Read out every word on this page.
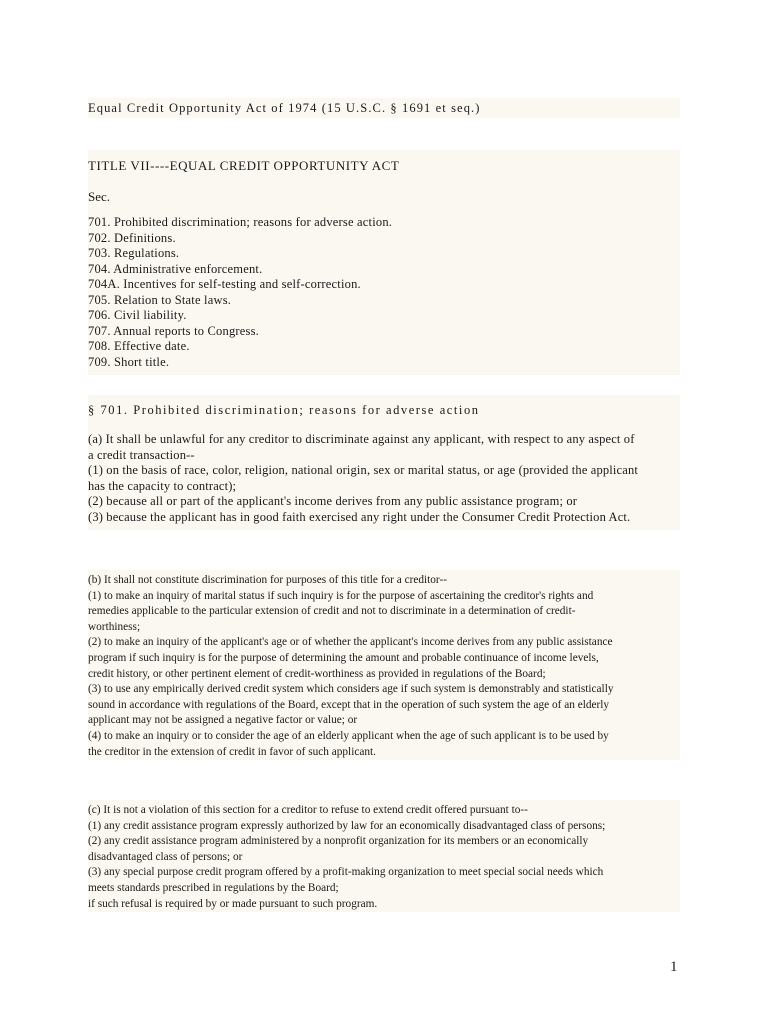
Equal Credit Opportunity Act of 1974 (15 U.S.C. § 1691 et seq.)
TITLE VII----EQUAL CREDIT OPPORTUNITY ACT
Sec.
701. Prohibited discrimination; reasons for adverse action.
702. Definitions.
703. Regulations.
704. Administrative enforcement.
704A. Incentives for self-testing and self-correction.
705. Relation to State laws.
706. Civil liability.
707. Annual reports to Congress.
708. Effective date.
709. Short title.
§ 701. Prohibited discrimination; reasons for adverse action
(a) It shall be unlawful for any creditor to discriminate against any applicant, with respect to any aspect of
a credit transaction--
(1) on the basis of race, color, religion, national origin, sex or marital status, or age (provided the applicant
has the capacity to contract);
(2) because all or part of the applicant's income derives from any public assistance program; or
(3) because the applicant has in good faith exercised any right under the Consumer Credit Protection Act.
(b) It shall not constitute discrimination for purposes of this title for a creditor--
(1) to make an inquiry of marital status if such inquiry is for the purpose of ascertaining the creditor's rights and
remedies applicable to the particular extension of credit and not to discriminate in a determination of credit-
worthiness;
(2) to make an inquiry of the applicant's age or of whether the applicant's income derives from any public assistance
program if such inquiry is for the purpose of determining the amount and probable continuance of income levels,
credit history, or other pertinent element of credit-worthiness as provided in regulations of the Board;
(3) to use any empirically derived credit system which considers age if such system is demonstrably and statistically
sound in accordance with regulations of the Board, except that in the operation of such system the age of an elderly
applicant may not be assigned a negative factor or value; or
(4) to make an inquiry or to consider the age of an elderly applicant when the age of such applicant is to be used by
the creditor in the extension of credit in favor of such applicant.
(c) It is not a violation of this section for a creditor to refuse to extend credit offered pursuant to--
(1) any credit assistance program expressly authorized by law for an economically disadvantaged class of persons;
(2) any credit assistance program administered by a nonprofit organization for its members or an economically
disadvantaged class of persons; or
(3) any special purpose credit program offered by a profit-making organization to meet special social needs which
meets standards prescribed in regulations by the Board;
if such refusal is required by or made pursuant to such program.
1
